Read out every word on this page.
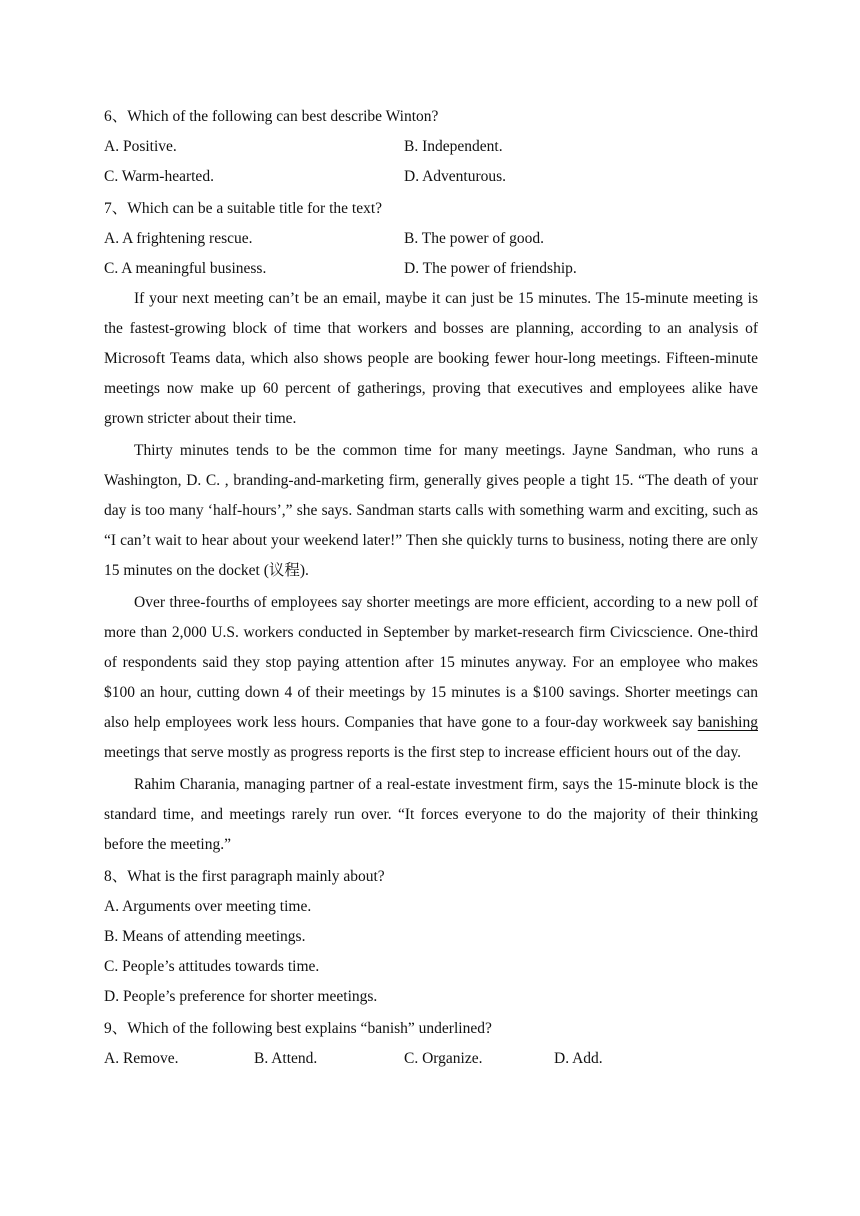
6、Which of the following can best describe Winton?
A. Positive.	B. Independent.
C. Warm-hearted.	D. Adventurous.
7、Which can be a suitable title for the text?
A. A frightening rescue.	B. The power of good.
C. A meaningful business.	D. The power of friendship.

If your next meeting can’t be an email, maybe it can just be 15 minutes. The 15-minute meeting is the fastest-growing block of time that workers and bosses are planning, according to an analysis of Microsoft Teams data, which also shows people are booking fewer hour-long meetings. Fifteen-minute meetings now make up 60 percent of gatherings, proving that executives and employees alike have grown stricter about their time.

Thirty minutes tends to be the common time for many meetings. Jayne Sandman, who runs a Washington, D. C. , branding-and-marketing firm, generally gives people a tight 15. “The death of your day is too many ‘half-hours’,” she says. Sandman starts calls with something warm and exciting, such as “I can’t wait to hear about your weekend later!” Then she quickly turns to business, noting there are only 15 minutes on the docket (议程).

Over three-fourths of employees say shorter meetings are more efficient, according to a new poll of more than 2,000 U.S. workers conducted in September by market-research firm Civicscience. One-third of respondents said they stop paying attention after 15 minutes anyway. For an employee who makes $100 an hour, cutting down 4 of their meetings by 15 minutes is a $100 savings. Shorter meetings can also help employees work less hours. Companies that have gone to a four-day workweek say banishing meetings that serve mostly as progress reports is the first step to increase efficient hours out of the day.

Rahim Charania, managing partner of a real-estate investment firm, says the 15-minute block is the standard time, and meetings rarely run over. “It forces everyone to do the majority of their thinking before the meeting.”

8、What is the first paragraph mainly about?
A. Arguments over meeting time.
B. Means of attending meetings.
C. People’s attitudes towards time.
D. People’s preference for shorter meetings.
9、Which of the following best explains “banish” underlined?
A. Remove.	B. Attend.	C. Organize.	D. Add.
